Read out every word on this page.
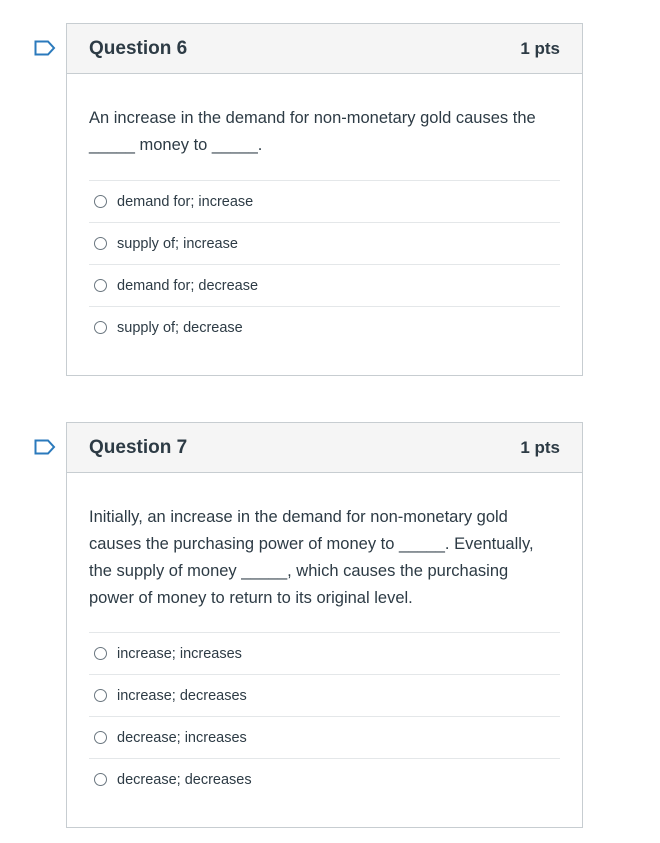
Question 6	1 pts

An increase in the demand for non-monetary gold causes the
_____ money to _____.

demand for; increase
supply of; increase
demand for; decrease
supply of; decrease
Question 7	1 pts

Initially, an increase in the demand for non-monetary gold
causes the purchasing power of money to _____. Eventually,
the supply of money _____, which causes the purchasing
power of money to return to its original level.

increase; increases
increase; decreases
decrease; increases
decrease; decreases
